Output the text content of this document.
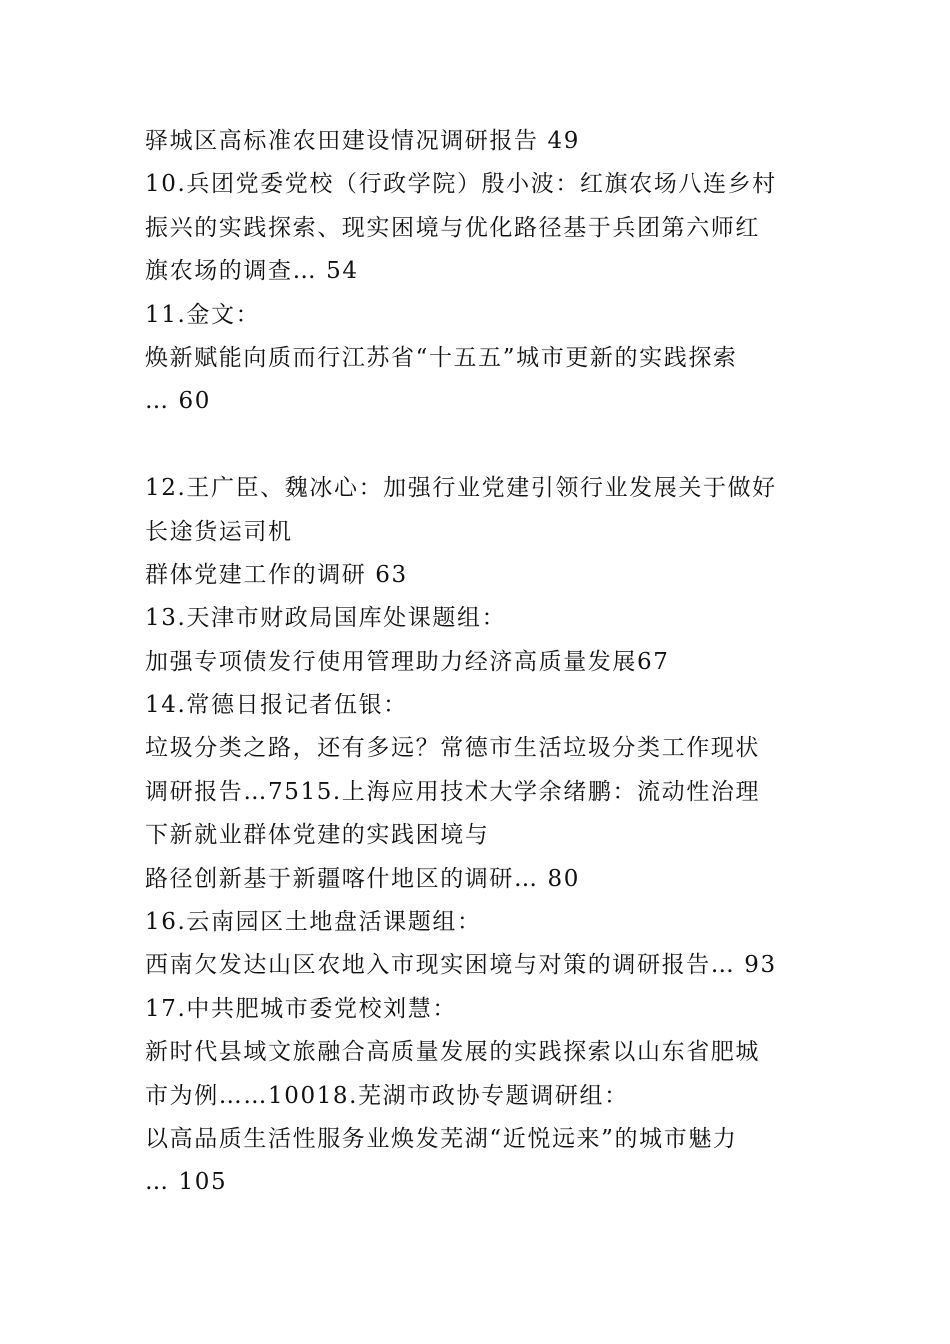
驿城区高标准农田建设情况调研报告 49
10.兵团党委党校（行政学院）殷小波：红旗农场八连乡村
振兴的实践探索、现实困境与优化路径基于兵团第六师红
旗农场的调查… 54
11.金文：
焕新赋能向质而行江苏省“十五五”城市更新的实践探索
… 60
12.王广臣、魏冰心：加强行业党建引领行业发展关于做好
长途货运司机
群体党建工作的调研 63
13.天津市财政局国库处课题组：
加强专项债发行使用管理助力经济高质量发展67
14.常德日报记者伍银：
垃圾分类之路，还有多远？常德市生活垃圾分类工作现状
调研报告…7515.上海应用技术大学余绪鹏：流动性治理
下新就业群体党建的实践困境与
路径创新基于新疆喀什地区的调研… 80
16.云南园区土地盘活课题组：
西南欠发达山区农地入市现实困境与对策的调研报告… 93
17.中共肥城市委党校刘慧：
新时代县域文旅融合高质量发展的实践探索以山东省肥城
市为例……10018.芜湖市政协专题调研组：
以高品质生活性服务业焕发芜湖“近悦远来”的城市魅力
… 105
